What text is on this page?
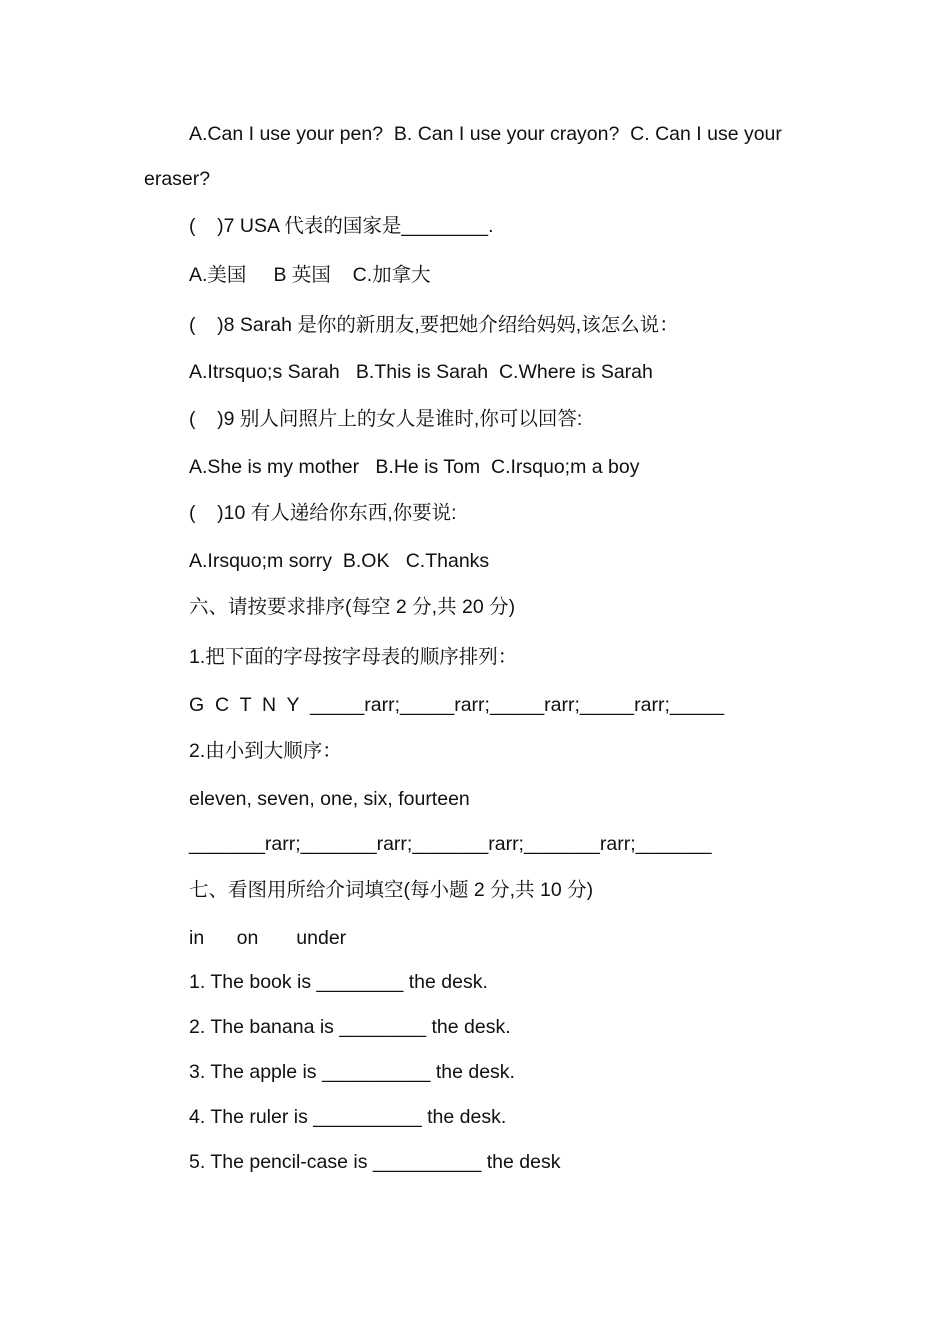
A.Can I use your pen?  B. Can I use your crayon?  C. Can I use your
eraser?
(    )7 USA 代表的国家是________.
A.美国     B 英国    C.加拿大
(    )8 Sarah 是你的新朋友,要把她介绍给妈妈,该怎么说：
A.Itrsquo;s Sarah   B.This is Sarah  C.Where is Sarah
(    )9 别人问照片上的女人是谁时,你可以回答:
A.She is my mother   B.He is Tom  C.Irsquo;m a boy
(    )10 有人递给你东西,你要说:
A.Irsquo;m sorry  B.OK   C.Thanks
六、请按要求排序(每空 2 分,共 20 分)
1.把下面的字母按字母表的顺序排列：
G  C  T  N  Y  _____rarr;_____rarr;_____rarr;_____rarr;_____
2.由小到大顺序：
eleven, seven, one, six, fourteen
_______rarr;_______rarr;_______rarr;_______rarr;_______
七、看图用所给介词填空(每小题 2 分,共 10 分)
in      on       under
1. The book is ________ the desk.
2. The banana is ________ the desk.
3. The apple is __________ the desk.
4. The ruler is __________ the desk.
5. The pencil-case is __________ the desk
